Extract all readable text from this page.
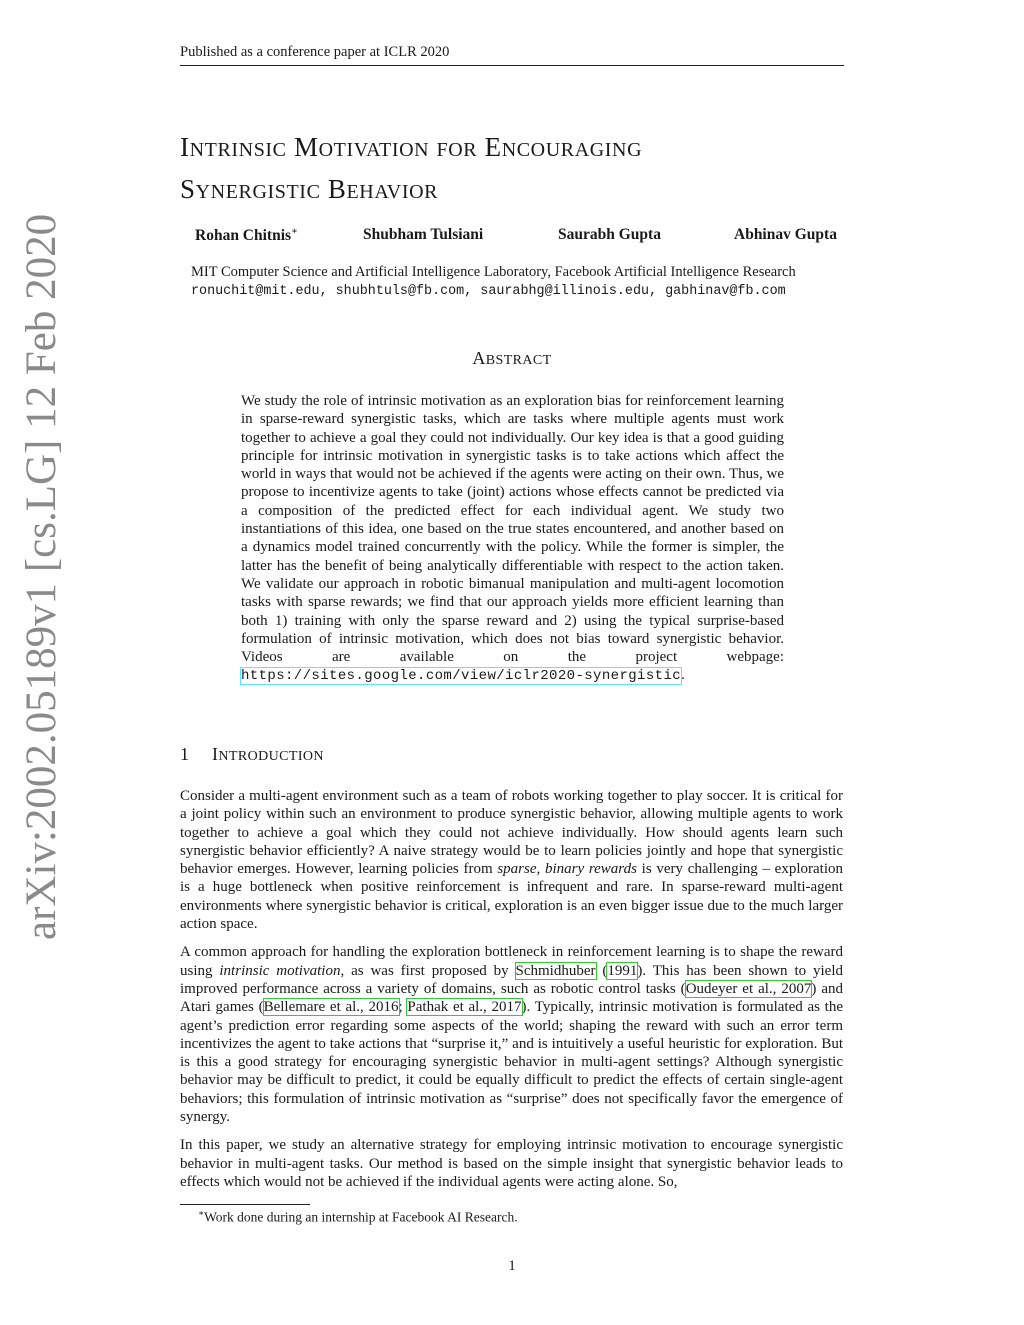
Published as a conference paper at ICLR 2020
arXiv:2002.05189v1 [cs.LG] 12 Feb 2020
INTRINSIC MOTIVATION FOR ENCOURAGING
SYNERGISTIC BEHAVIOR
Rohan Chitnis∗	Shubham Tulsiani	Saurabh Gupta	Abhinav Gupta
MIT Computer Science and Artificial Intelligence Laboratory, Facebook Artificial Intelligence Research
ronuchit@mit.edu, shubhtuls@fb.com, saurabhg@illinois.edu, gabhinav@fb.com
ABSTRACT
We study the role of intrinsic motivation as an exploration bias for reinforcement learning in sparse-reward synergistic tasks, which are tasks where multiple agents must work together to achieve a goal they could not individually. Our key idea is that a good guiding principle for intrinsic motivation in synergistic tasks is to take actions which affect the world in ways that would not be achieved if the agents were acting on their own. Thus, we propose to incentivize agents to take (joint) actions whose effects cannot be predicted via a composition of the predicted effect for each individual agent. We study two instantiations of this idea, one based on the true states encountered, and another based on a dynamics model trained concurrently with the policy. While the former is simpler, the latter has the benefit of being analytically differentiable with respect to the action taken. We validate our approach in robotic bimanual manipulation and multi-agent locomotion tasks with sparse rewards; we find that our approach yields more efficient learning than both 1) training with only the sparse reward and 2) using the typical surprise-based formulation of intrinsic motivation, which does not bias toward synergistic behavior. Videos are available on the project webpage: https://sites.google.com/view/iclr2020-synergistic.
1 INTRODUCTION

Consider a multi-agent environment such as a team of robots working together to play soccer. It is critical for a joint policy within such an environment to produce synergistic behavior, allowing multiple agents to work together to achieve a goal which they could not achieve individually. How should agents learn such synergistic behavior efficiently? A naive strategy would be to learn policies jointly and hope that synergistic behavior emerges. However, learning policies from sparse, binary rewards is very challenging – exploration is a huge bottleneck when positive reinforcement is infrequent and rare. In sparse-reward multi-agent environments where synergistic behavior is critical, exploration is an even bigger issue due to the much larger action space.

A common approach for handling the exploration bottleneck in reinforcement learning is to shape the reward using intrinsic motivation, as was first proposed by Schmidhuber (1991). This has been shown to yield improved performance across a variety of domains, such as robotic control tasks (Oudeyer et al., 2007) and Atari games (Bellemare et al., 2016; Pathak et al., 2017). Typically, intrinsic motivation is formulated as the agent’s prediction error regarding some aspects of the world; shaping the reward with such an error term incentivizes the agent to take actions that “surprise it,” and is intuitively a useful heuristic for exploration. But is this a good strategy for encouraging synergistic behavior in multi-agent settings? Although synergistic behavior may be difficult to predict, it could be equally difficult to predict the effects of certain single-agent behaviors; this formulation of intrinsic motivation as “surprise” does not specifically favor the emergence of synergy.

In this paper, we study an alternative strategy for employing intrinsic motivation to encourage synergistic behavior in multi-agent tasks. Our method is based on the simple insight that synergistic behavior leads to effects which would not be achieved if the individual agents were acting alone. So,

∗Work done during an internship at Facebook AI Research.
1
